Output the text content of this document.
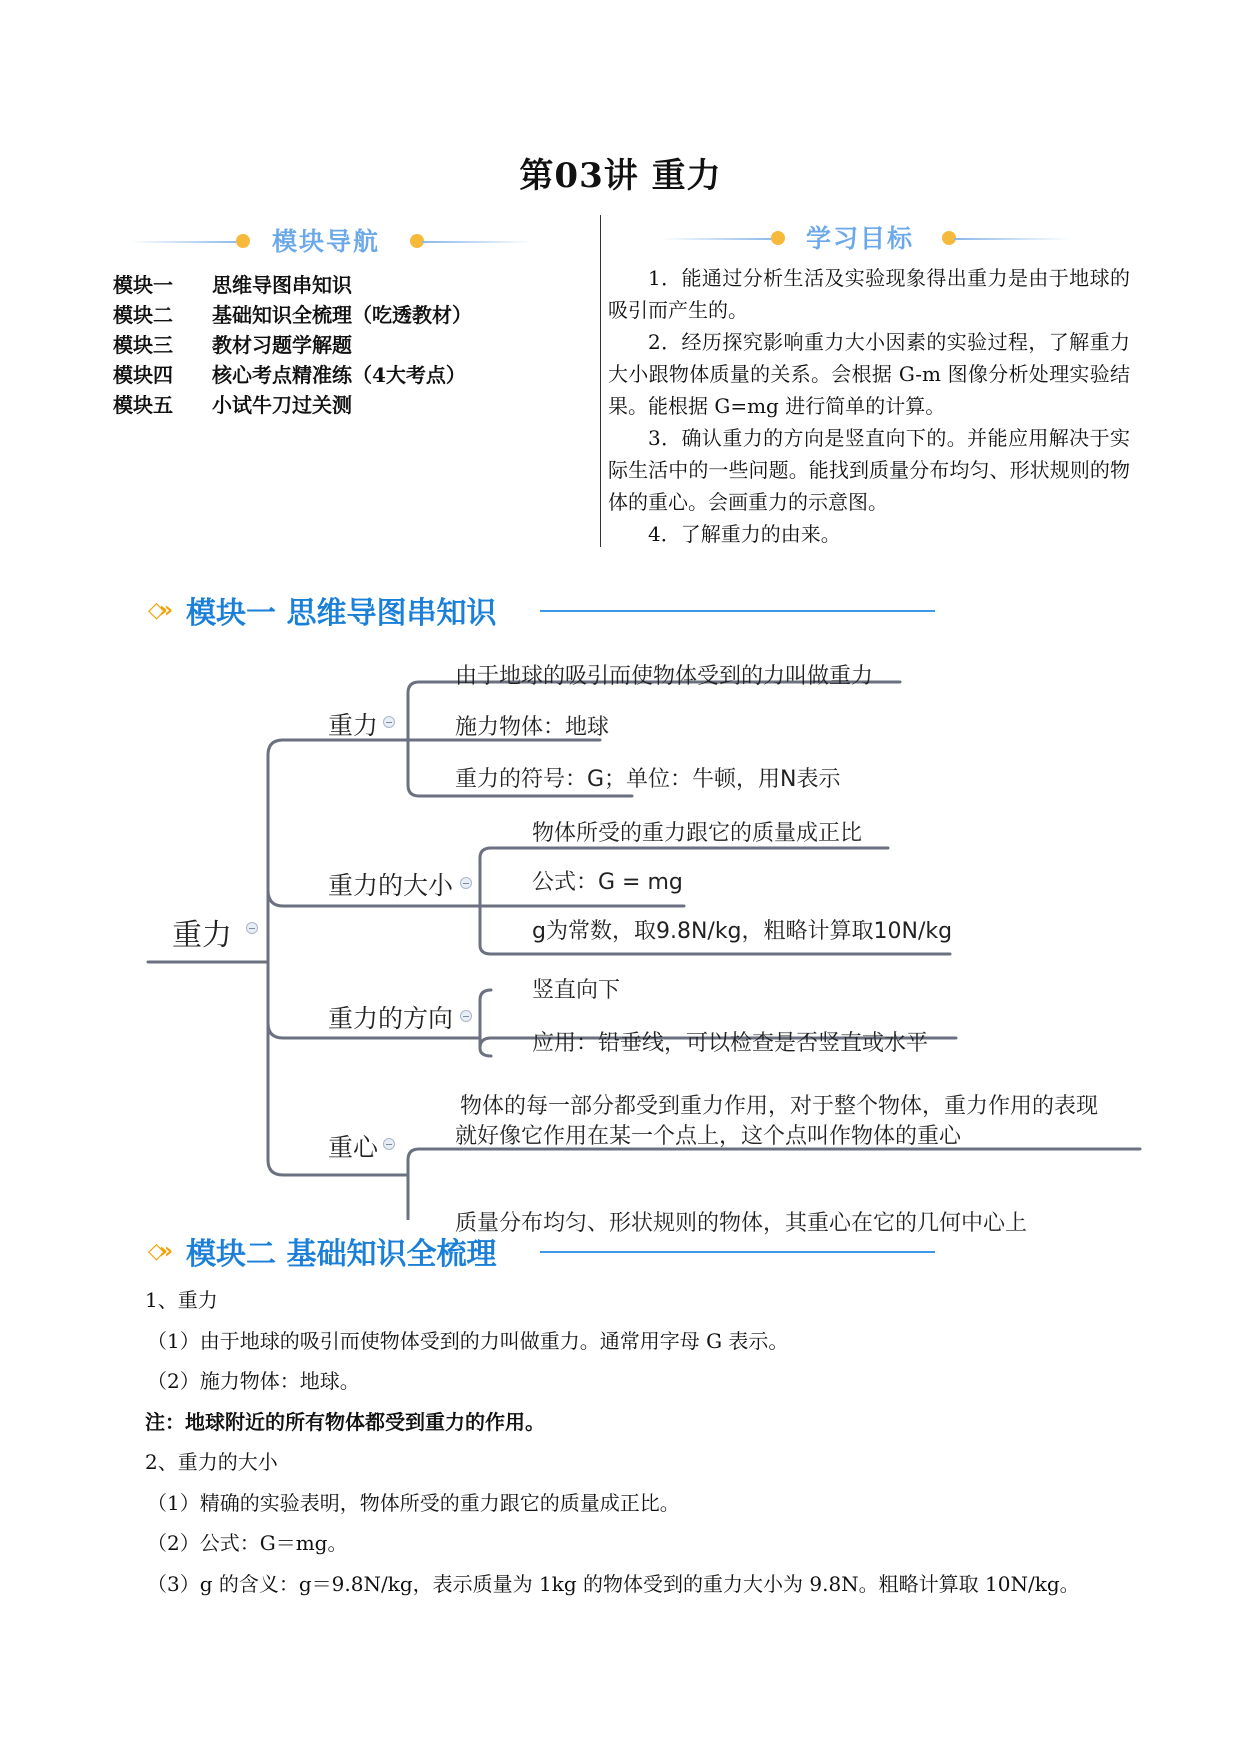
第03讲 重力
模块导航
模块一	思维导图串知识
模块二	基础知识全梳理（吃透教材）
模块三	教材习题学解题
模块四	核心考点精准练（4大考点）
模块五	小试牛刀过关测
学习目标

1．能通过分析生活及实验现象得出重力是由于地球的吸引而产生的。

2．经历探究影响重力大小因素的实验过程，了解重力大小跟物体质量的关系。会根据 G-m 图像分析处理实验结果。能根据 G=mg 进行简单的计算。

3．确认重力的方向是竖直向下的。并能应用解决于实际生活中的一些问题。能找到质量分布均匀、形状规则的物体的重心。会画重力的示意图。

4．了解重力的由来。

◇» 模块一 思维导图串知识
重力
重力
由于地球的吸引而使物体受到的力叫做重力
施力物体：地球
重力的符号：G；单位：牛顿，用N表示
重力的大小
物体所受的重力跟它的质量成正比
公式：G = mg
g为常数，取9.8N/kg，粗略计算取10N/kg
重力的方向
竖直向下
应用：铅垂线，可以检查是否竖直或水平
重心
物体的每一部分都受到重力作用，对于整个物体，重力作用的表现
就好像它作用在某一个点上，这个点叫作物体的重心
质量分布均匀、形状规则的物体，其重心在它的几何中心上
◇» 模块二 基础知识全梳理

1、重力

（1）由于地球的吸引而使物体受到的力叫做重力。通常用字母 G 表示。

（2）施力物体：地球。

注：地球附近的所有物体都受到重力的作用。

2、重力的大小

（1）精确的实验表明，物体所受的重力跟它的质量成正比。

（2）公式：G＝mg。

（3）g 的含义：g＝9.8N/kg，表示质量为 1kg 的物体受到的重力大小为 9.8N。粗略计算取 10N/kg。
